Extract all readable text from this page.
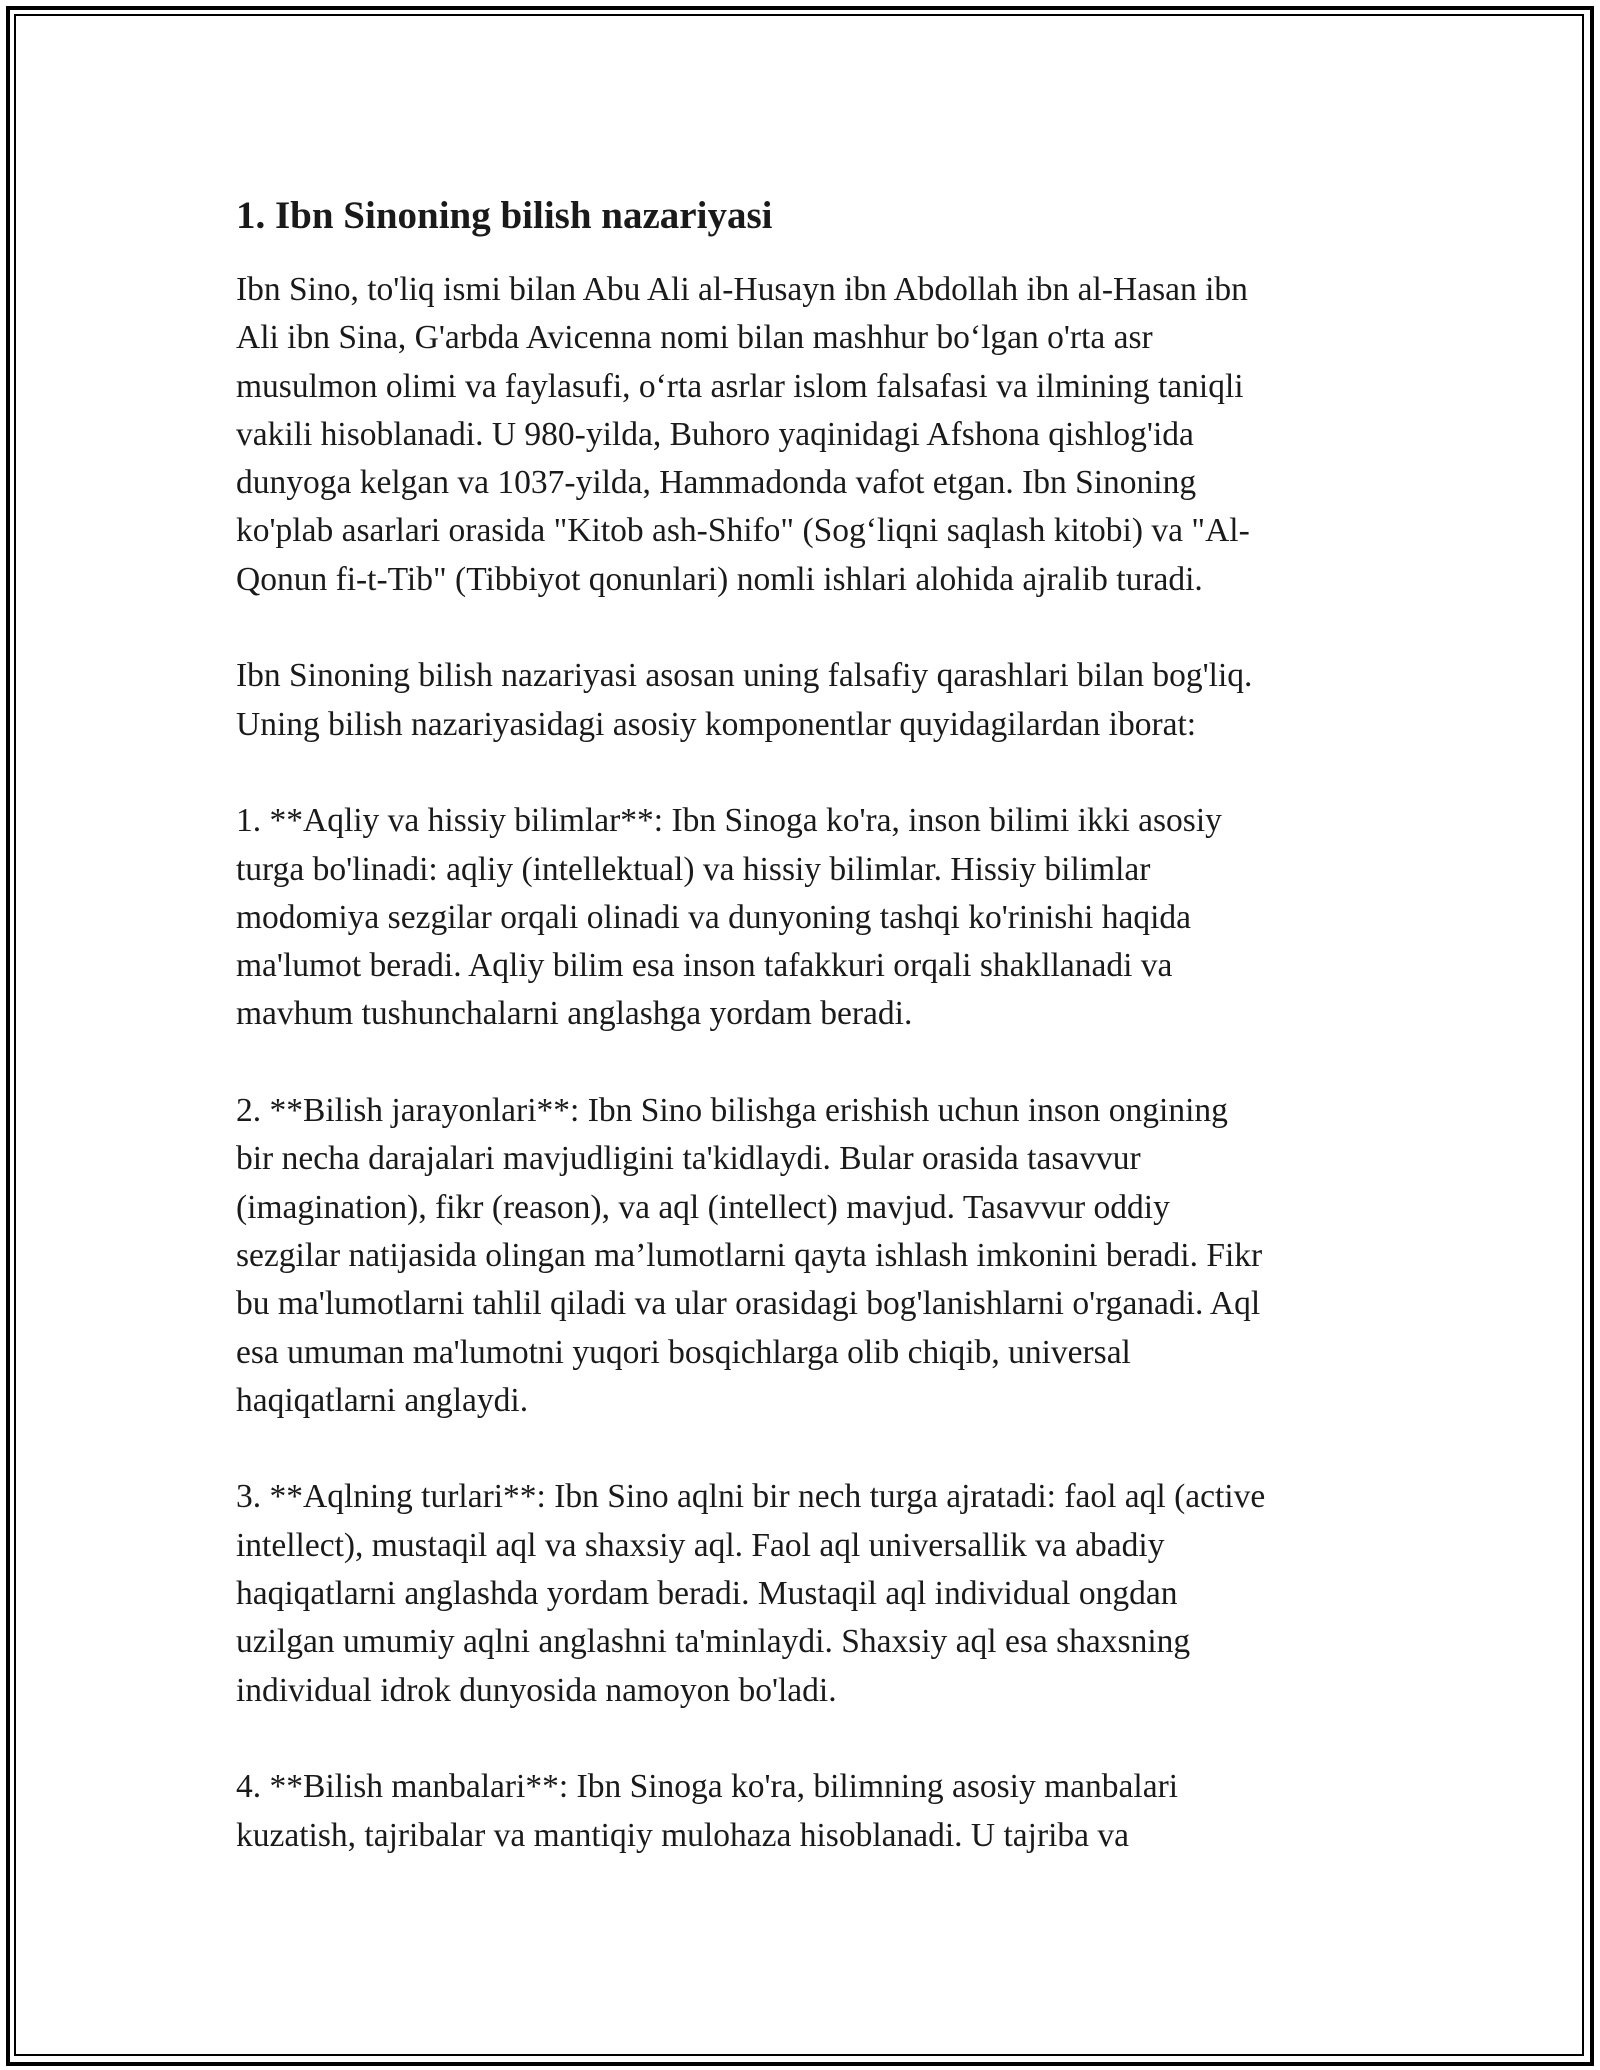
1. Ibn Sinoning bilish nazariyasi

Ibn Sino, to'liq ismi bilan Abu Ali al-Husayn ibn Abdollah ibn al-Hasan ibn
Ali ibn Sina, G'arbda Avicenna nomi bilan mashhur bo‘lgan o'rta asr
musulmon olimi va faylasufi, o‘rta asrlar islom falsafasi va ilmining taniqli
vakili hisoblanadi. U 980-yilda, Buhoro yaqinidagi Afshona qishlog'ida
dunyoga kelgan va 1037-yilda, Hammadonda vafot etgan. Ibn Sinoning
ko'plab asarlari orasida "Kitob ash-Shifo" (Sog‘liqni saqlash kitobi) va "Al-
Qonun fi-t-Tib" (Tibbiyot qonunlari) nomli ishlari alohida ajralib turadi.

Ibn Sinoning bilish nazariyasi asosan uning falsafiy qarashlari bilan bog'liq.
Uning bilish nazariyasidagi asosiy komponentlar quyidagilardan iborat:

1. **Aqliy va hissiy bilimlar**: Ibn Sinoga ko'ra, inson bilimi ikki asosiy
turga bo'linadi: aqliy (intellektual) va hissiy bilimlar. Hissiy bilimlar
modomiya sezgilar orqali olinadi va dunyoning tashqi ko'rinishi haqida
ma'lumot beradi. Aqliy bilim esa inson tafakkuri orqali shakllanadi va
mavhum tushunchalarni anglashga yordam beradi.

2. **Bilish jarayonlari**: Ibn Sino bilishga erishish uchun inson ongining
bir necha darajalari mavjudligini ta'kidlaydi. Bular orasida tasavvur
(imagination), fikr (reason), va aql (intellect) mavjud. Tasavvur oddiy
sezgilar natijasida olingan ma’lumotlarni qayta ishlash imkonini beradi. Fikr
bu ma'lumotlarni tahlil qiladi va ular orasidagi bog'lanishlarni o'rganadi. Aql
esa umuman ma'lumotni yuqori bosqichlarga olib chiqib, universal
haqiqatlarni anglaydi.

3. **Aqlning turlari**: Ibn Sino aqlni bir nech turga ajratadi: faol aql (active
intellect), mustaqil aql va shaxsiy aql. Faol aql universallik va abadiy
haqiqatlarni anglashda yordam beradi. Mustaqil aql individual ongdan
uzilgan umumiy aqlni anglashni ta'minlaydi. Shaxsiy aql esa shaxsning
individual idrok dunyosida namoyon bo'ladi.

4. **Bilish manbalari**: Ibn Sinoga ko'ra, bilimning asosiy manbalari
kuzatish, tajribalar va mantiqiy mulohaza hisoblanadi. U tajriba va
